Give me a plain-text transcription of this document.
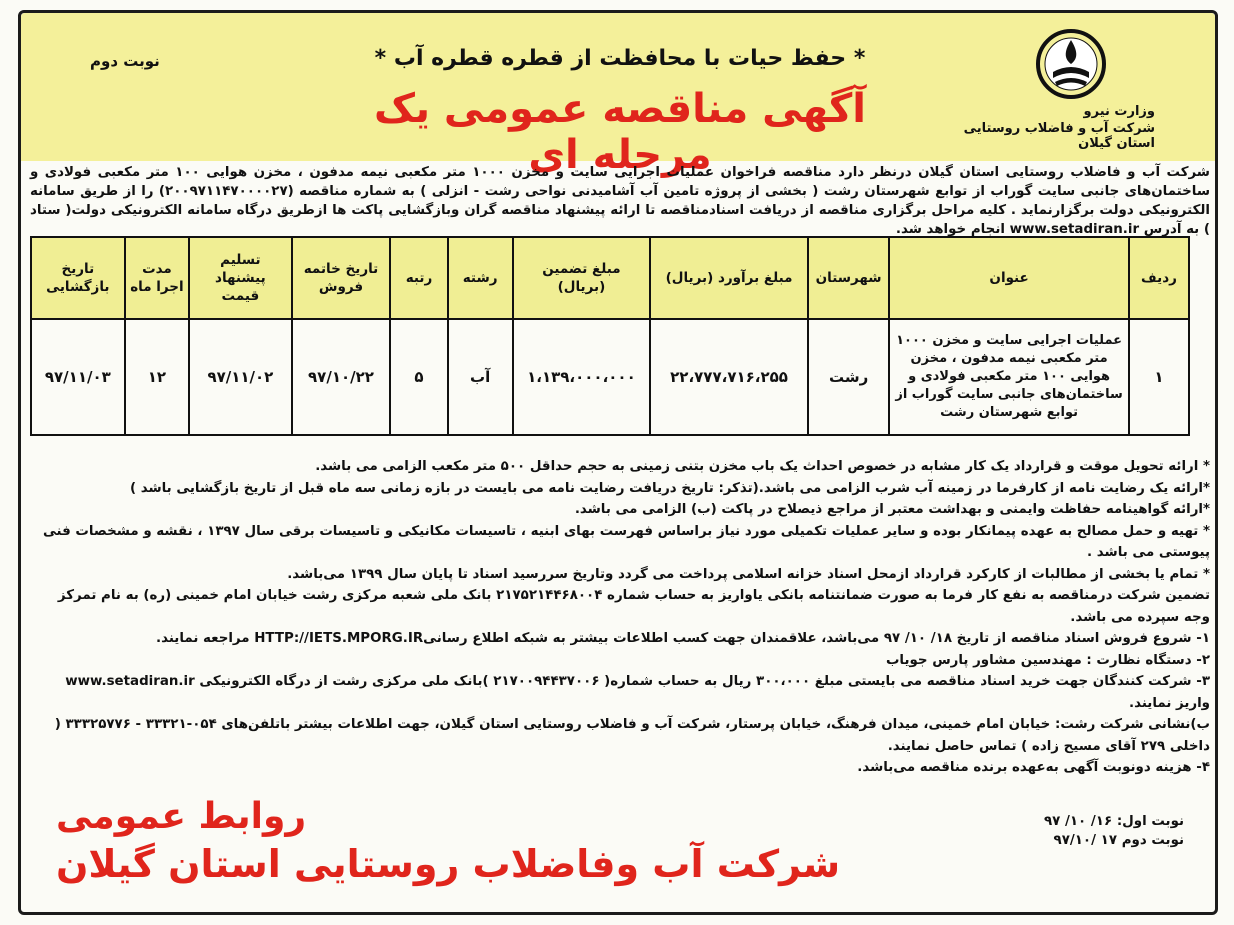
وزارت نیرو
شرکت آب و فاضلاب روستایی استان گیلان
* حفظ حیات با محافظت از قطره قطره آب *
آگهی مناقصه عمومی یک مرحله ای
نوبت دوم
شرکت آب و فاضلاب روستایی استان گیلان درنظر دارد مناقصه فراخوان عملیات اجرایی سایت و مخزن ۱۰۰۰ متر مکعبی نیمه مدفون ، مخزن هوایی ۱۰۰ متر مکعبی فولادی و ساختمان‌های جانبی سایت گوراب از توابع شهرستان رشت ( بخشی از پروژه تامین آب آشامیدنی نواحی رشت - انزلی ) به شماره مناقصه (۲۰۰۹۷۱۱۴۷۰۰۰۰۲۷) را از طریق سامانه الکترونیکی دولت برگزارنماید . کلیه مراحل برگزاری مناقصه از دریافت اسنادمناقصه تا ارائه پیشنهاد مناقصه گران وبازگشایی پاکت ها ازطریق درگاه سامانه الکترونیکی دولت( ستاد ) به آدرس www.setadiran.ir انجام خواهد شد.
ردیف	عنوان	شهرستان	مبلغ برآورد (بریال)	مبلغ تضمین (بریال)	رشته	رتبه	تاریخ خاتمه فروش	تسلیم پیشنهاد قیمت	مدت اجرا ماه	تاریخ بازگشایی
۱	عملیات اجرایی سایت و مخزن ۱۰۰۰ متر مکعبی نیمه مدفون ، مخزن هوایی ۱۰۰ متر مکعبی فولادی و ساختمان‌های جانبی سایت گوراب از توابع شهرستان رشت	رشت	۲۲،۷۷۷،۷۱۶،۲۵۵	۱،۱۳۹،۰۰۰،۰۰۰	آب	۵	۹۷/۱۰/۲۲	۹۷/۱۱/۰۲	۱۲	۹۷/۱۱/۰۳

* ارائه تحویل موقت و قرارداد یک کار مشابه در خصوص احداث یک باب مخزن بتنی زمینی به حجم حداقل ۵۰۰ متر مکعب الزامی می باشد.

*ارائه یک رضایت نامه از کارفرما در زمینه آب شرب الزامی می باشد.(تذکر: تاریخ دریافت رضایت نامه می بایست در بازه زمانی سه ماه قبل از تاریخ بازگشایی باشد )

*ارائه گواهینامه حفاظت وایمنی و بهداشت معتبر از مراجع ذیصلاح در پاکت (ب) الزامی می باشد.

* تهیه و حمل مصالح به عهده پیمانکار بوده و سایر عملیات تکمیلی مورد نیاز براساس فهرست بهای ابنیه ، تاسیسات مکانیکی و تاسیسات برقی سال ۱۳۹۷ ، نقشه و مشخصات فنی پیوستی می باشد .

* تمام یا بخشی از مطالبات از کارکرد قرارداد ازمحل اسناد خزانه اسلامی پرداخت می گردد وتاریخ سررسید اسناد تا پایان سال ۱۳۹۹ می‌باشد.

تضمین شرکت درمناقصه به نفع کار فرما به صورت ضمانتنامه بانکی یاواریز به حساب شماره ۲۱۷۵۲۱۴۴۶۸۰۰۴ بانک ملی شعبه مرکزی رشت خیابان امام خمینی (ره) به نام تمرکز وجه سپرده می باشد.

۱- شروع فروش اسناد مناقصه از تاریخ ۱۸/ ۱۰/ ۹۷ می‌باشد، علاقمندان جهت کسب اطلاعات بیشتر به شبکه اطلاع رسانیHTTP://IETS.MPORG.IR مراجعه نمایند.

۲- دستگاه نظارت : مهندسین مشاور پارس جویاب

۳- شرکت کنندگان جهت خرید اسناد مناقصه می بایستی مبلغ ۳۰۰،۰۰۰ ریال به حساب شماره( ۲۱۷۰۰۹۴۴۳۷۰۰۶ )بانک ملی مرکزی رشت از درگاه الکترونیکی www.setadiran.ir واریز نمایند.

ب)نشانی شرکت رشت: خیابان امام خمینی، میدان فرهنگ، خیابان پرستار، شرکت آب و فاضلاب روستایی استان گیلان، جهت اطلاعات بیشتر باتلفن‌های ۰۵۴-۳۳۳۲۱ - ۳۳۳۲۵۷۷۶ ( داخلی ۲۷۹ آقای مسیح زاده ) تماس حاصل نمایند.

۴- هزینه دونوبت آگهی به‌عهده برنده مناقصه می‌باشد.

نوبت اول: ۱۶/ ۱۰/ ۹۷
نوبت دوم ۱۷ /۹۷/۱۰
روابط عمومی
شرکت آب وفاضلاب روستایی استان گیلان
